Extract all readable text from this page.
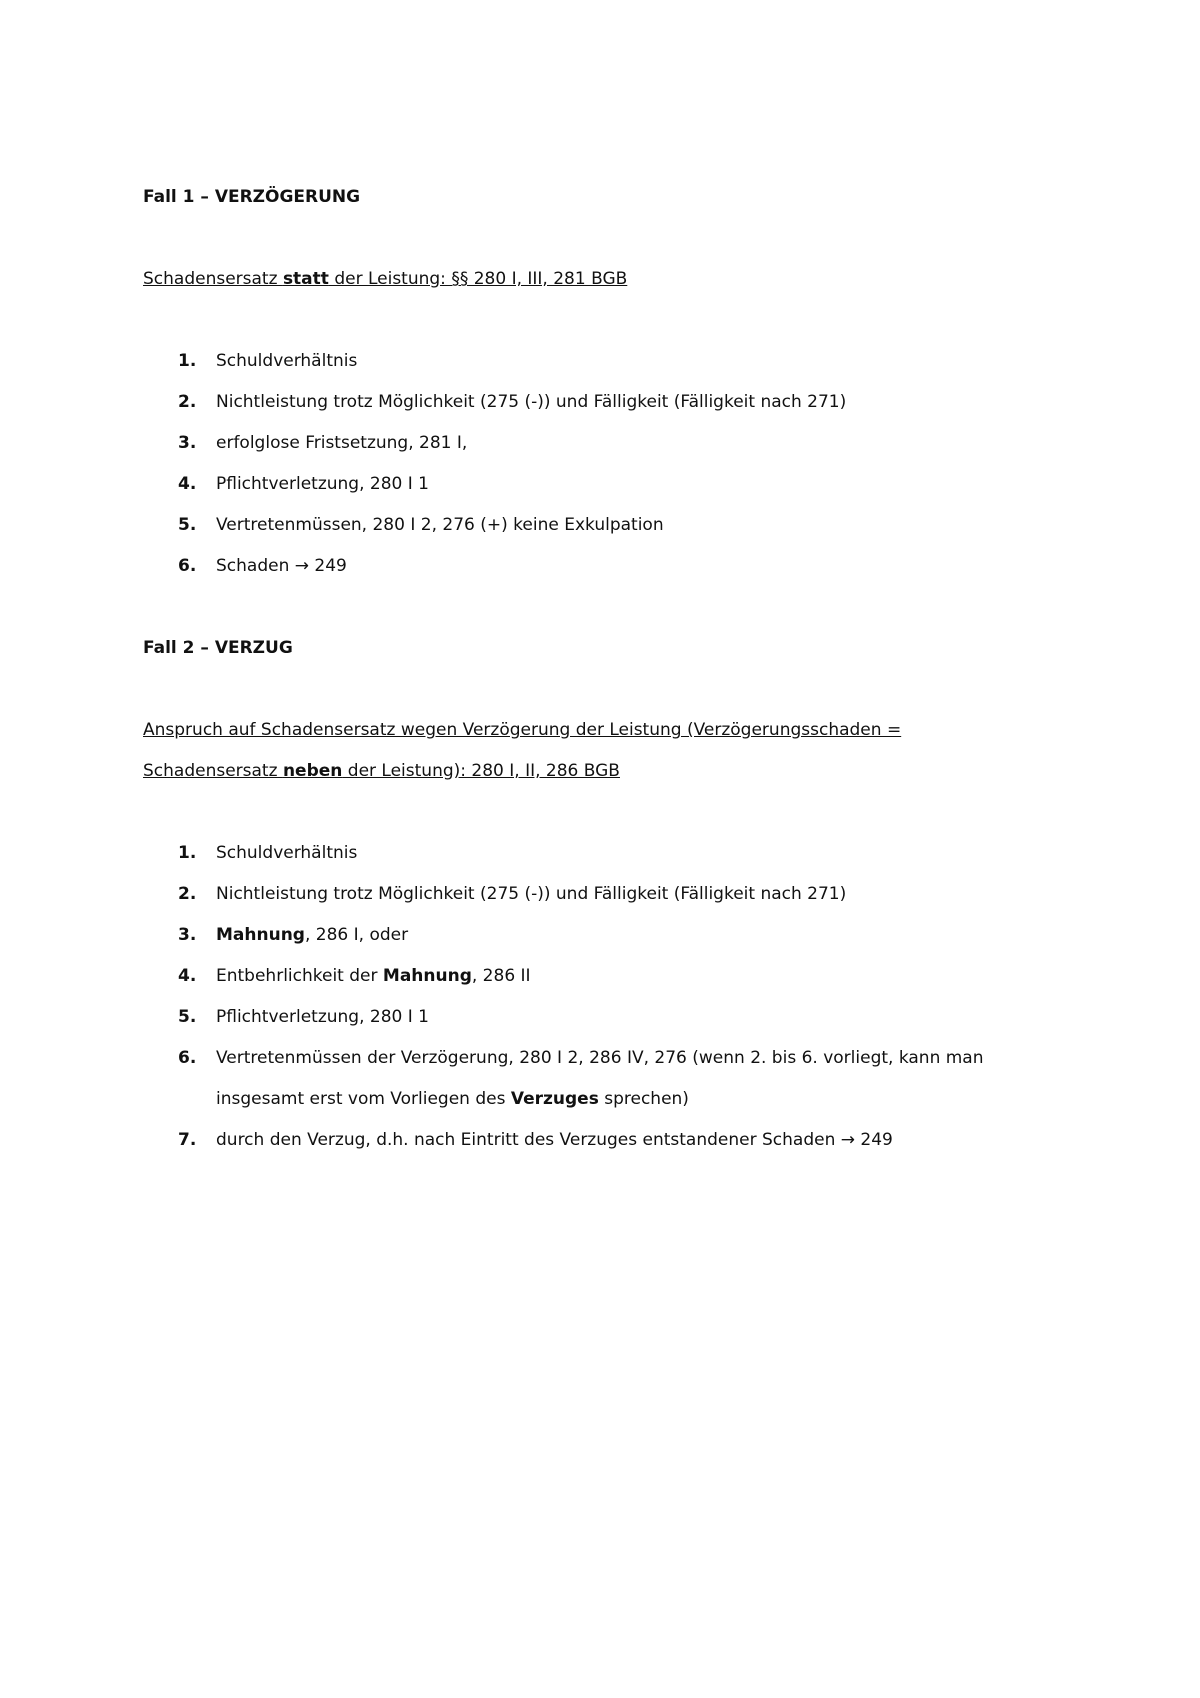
Fall 1 – VERZÖGERUNG
Schadensersatz statt der Leistung: §§ 280 I, III, 281 BGB
1.	Schuldverhältnis
2.	Nichtleistung trotz Möglichkeit (275 (-)) und Fälligkeit (Fälligkeit nach 271)
3.	erfolglose Fristsetzung, 281 I,
4.	Pflichtverletzung, 280 I 1
5.	Vertretenmüssen, 280 I 2, 276 (+) keine Exkulpation
6.	Schaden → 249
Fall 2 – VERZUG
Anspruch auf Schadensersatz wegen Verzögerung der Leistung (Verzögerungsschaden =
Schadensersatz neben der Leistung): 280 I, II, 286 BGB
1.	Schuldverhältnis
2.	Nichtleistung trotz Möglichkeit (275 (-)) und Fälligkeit (Fälligkeit nach 271)
3.	Mahnung, 286 I, oder
4.	Entbehrlichkeit der Mahnung, 286 II
5.	Pflichtverletzung, 280 I 1
6.	Vertretenmüssen der Verzögerung, 280 I 2, 286 IV, 276 (wenn 2. bis 6. vorliegt, kann man
insgesamt erst vom Vorliegen des Verzuges sprechen)
7.	durch den Verzug, d.h. nach Eintritt des Verzuges entstandener Schaden → 249
